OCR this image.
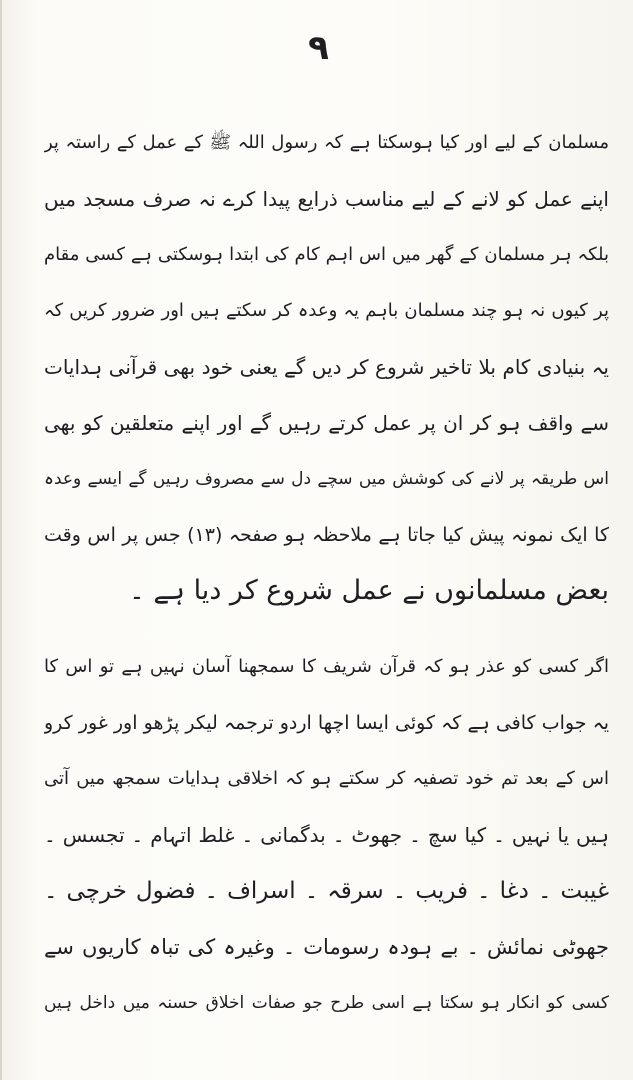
۹
مسلمان کے لیے اور کیا ہوسکتا ہے کہ رسول اللہ ﷺ کے عمل کے راستہ پر
اپنے عمل کو لانے کے لیے مناسب ذرایع پیدا کرے نہ صرف مسجد میں
بلکہ ہر مسلمان کے گھر میں اس اہم کام کی ابتدا ہوسکتی ہے کسی مقام
پر کیوں نہ ہو چند مسلمان باہم یہ وعدہ کر سکتے ہیں اور ضرور کریں کہ
یہ بنیادی کام بلا تاخیر شروع کر دیں گے یعنی خود بھی قرآنی ہدایات
سے واقف ہو کر ان پر عمل کرتے رہیں گے اور اپنے متعلقین کو بھی
اس طریقہ پر لانے کی کوشش میں سچے دل سے مصروف رہیں گے ایسے وعدہ
کا ایک نمونہ پیش کیا جاتا ہے ملاحظہ ہو صفحہ (۱۳) جس پر اس وقت
بعض مسلمانوں نے عمل شروع کر دیا ہے ۔
اگر کسی کو عذر ہو کہ قرآن شریف کا سمجھنا آسان نہیں ہے تو اس کا
یہ جواب کافی ہے کہ کوئی ایسا اچھا اردو ترجمہ لیکر پڑھو اور غور کرو
اس کے بعد تم خود تصفیہ کر سکتے ہو کہ اخلاقی ہدایات سمجھ میں آتی
ہیں یا نہیں ۔ کیا سچ ۔ جھوٹ ۔ بدگمانی ۔ غلط اتہام ۔ تجسس ۔
غیبت ۔ دغا ۔ فریب ۔ سرقہ ۔ اسراف ۔ فضول خرچی ۔
جھوٹی نمائش ۔ بے ہودہ رسومات ۔ وغیرہ کی تباہ کاریوں سے
کسی کو انکار ہو سکتا ہے اسی طرح جو صفات اخلاق حسنہ میں داخل ہیں
